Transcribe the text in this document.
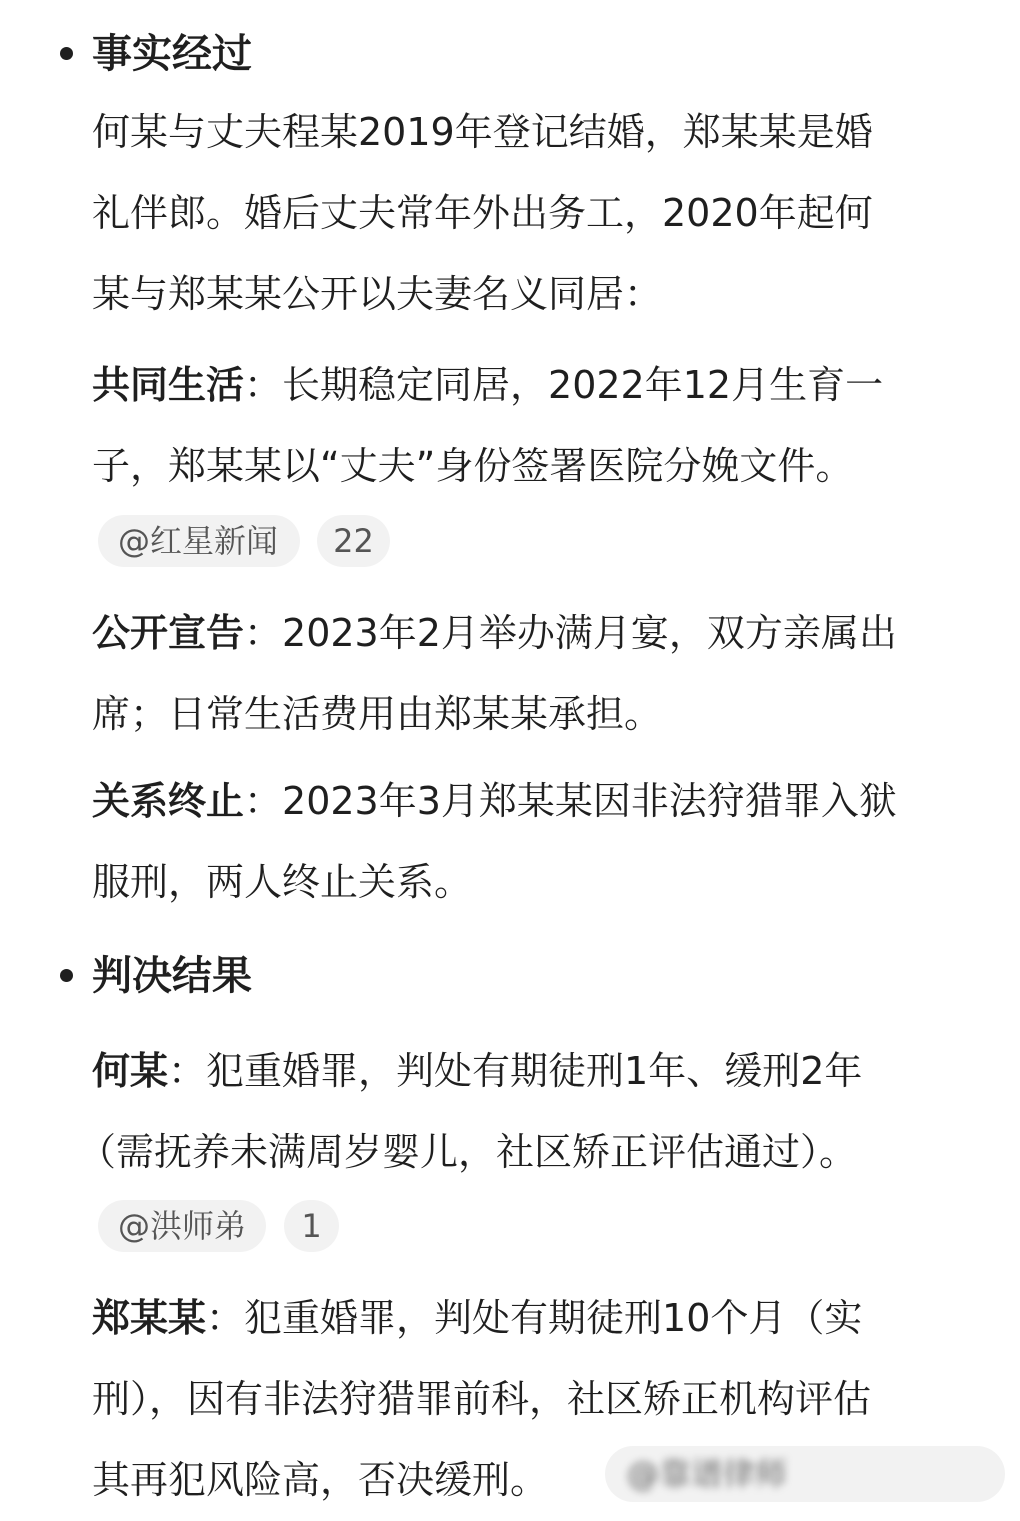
事实经过
何某与丈夫程某2019年登记结婚，郑某某是婚
礼伴郎。婚后丈夫常年外出务工，2020年起何
某与郑某某公开以夫妻名义同居：
共同生活：长期稳定同居，2022年12月生育一
子，郑某某以“丈夫”身份签署医院分娩文件。
@红星新闻	22
公开宣告：2023年2月举办满月宴，双方亲属出
席；日常生活费用由郑某某承担。
关系终止：2023年3月郑某某因非法狩猎罪入狱
服刑，两人终止关系。
判决结果
何某：犯重婚罪，判处有期徒刑1年、缓刑2年
（需抚养未满周岁婴儿，社区矫正评估通过）。
@洪师弟	1
郑某某：犯重婚罪，判处有期徒刑10个月（实
刑），因有非法狩猎罪前科，社区矫正机构评估
其再犯风险高，否决缓刑。	@靠谱律师
